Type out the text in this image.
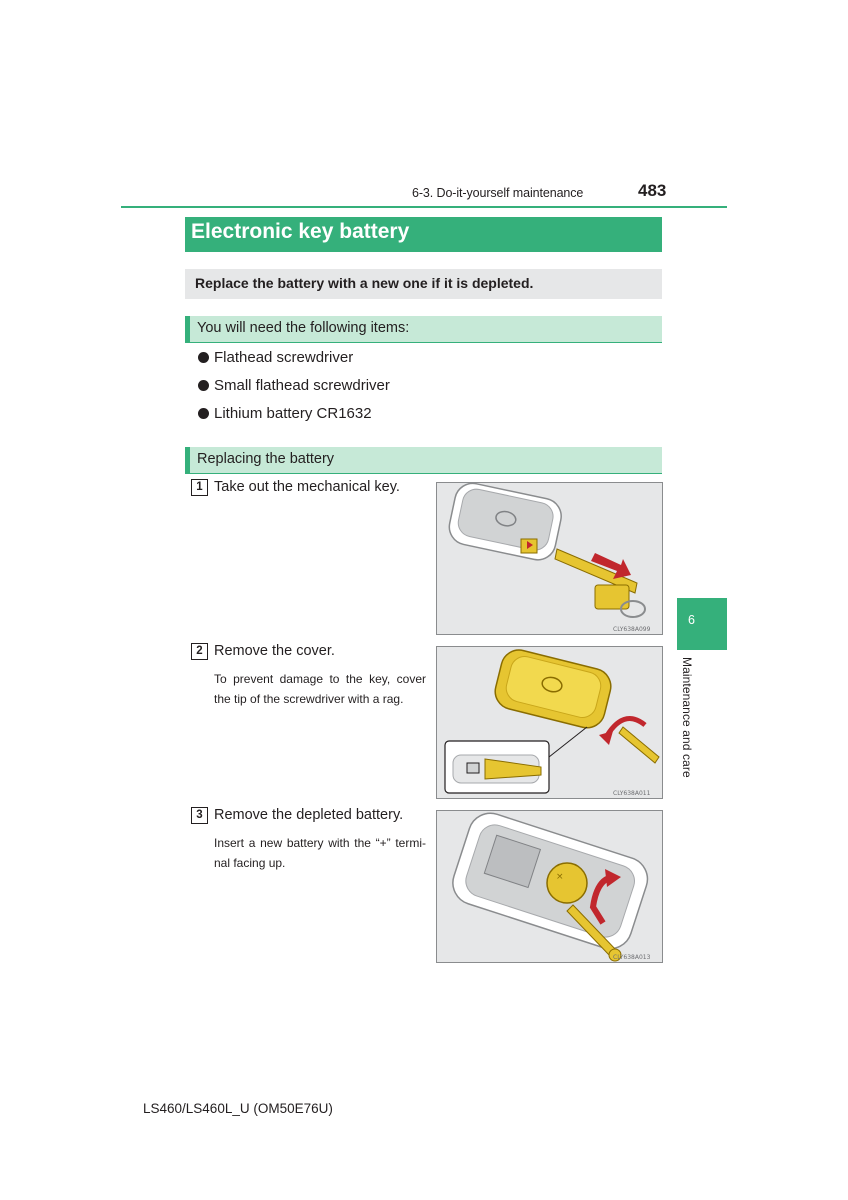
6-3. Do-it-yourself maintenance	483
Electronic key battery
Replace the battery with a new one if it is depleted.
You will need the following items:
Flathead screwdriver
Small flathead screwdriver
Lithium battery CR1632
Replacing the battery
1 Take out the mechanical key.
CLY638A099
2 Remove the cover.
To prevent damage to the key, cover the tip of the screwdriver with a rag.
CLY638A011
3 Remove the depleted battery.
Insert a new battery with the “+” termi-nal facing up.
×
CLY638A013
6
Maintenance and care
LS460/LS460L_U (OM50E76U)
